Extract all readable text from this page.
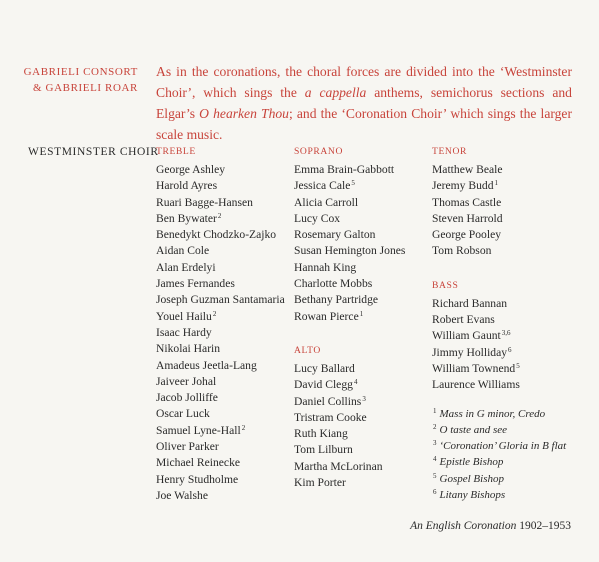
GABRIELI CONSORT
& GABRIELI ROAR
As in the coronations, the choral forces are divided into the ‘Westminster Choir’, which sings the a cappella anthems, semichorus sections and Elgar’s O hearken Thou; and the ‘Coronation Choir’ which sings the larger scale music.
WESTMINSTER CHOIR
TREBLE
George Ashley
Harold Ayres
Ruari Bagge-Hansen
Ben Bywater$^2$
Benedykt Chodzko-Zajko
Aidan Cole
Alan Erdelyi
James Fernandes
Joseph Guzman Santamaria
Youel Hailu$^2$
Isaac Hardy
Nikolai Harin
Amadeus Jeetla-Lang
Jaiveer Johal
Jacob Jolliffe
Oscar Luck
Samuel Lyne-Hall$^2$
Oliver Parker
Michael Reinecke
Henry Studholme
Joe Walshe
SOPRANO
Emma Brain-Gabbott
Jessica Cale$^5$
Alicia Carroll
Lucy Cox
Rosemary Galton
Susan Hemington Jones
Hannah King
Charlotte Mobbs
Bethany Partridge
Rowan Pierce$^1$
ALTO
Lucy Ballard
David Clegg$^4$
Daniel Collins$^3$
Tristram Cooke
Ruth Kiang
Tom Lilburn
Martha McLorinan
Kim Porter
TENOR
Matthew Beale
Jeremy Budd$^1$
Thomas Castle
Steven Harrold
George Pooley
Tom Robson
BASS
Richard Bannan
Robert Evans
William Gaunt$^{3,6}$
Jimmy Holliday$^6$
William Townend$^5$
Laurence Williams
$^1$ Mass in G minor, Credo
$^2$ O taste and see
$^3$ ‘Coronation’ Gloria in B flat
$^4$ Epistle Bishop
$^5$ Gospel Bishop
$^6$ Litany Bishops
An English Coronation 1902–1953
